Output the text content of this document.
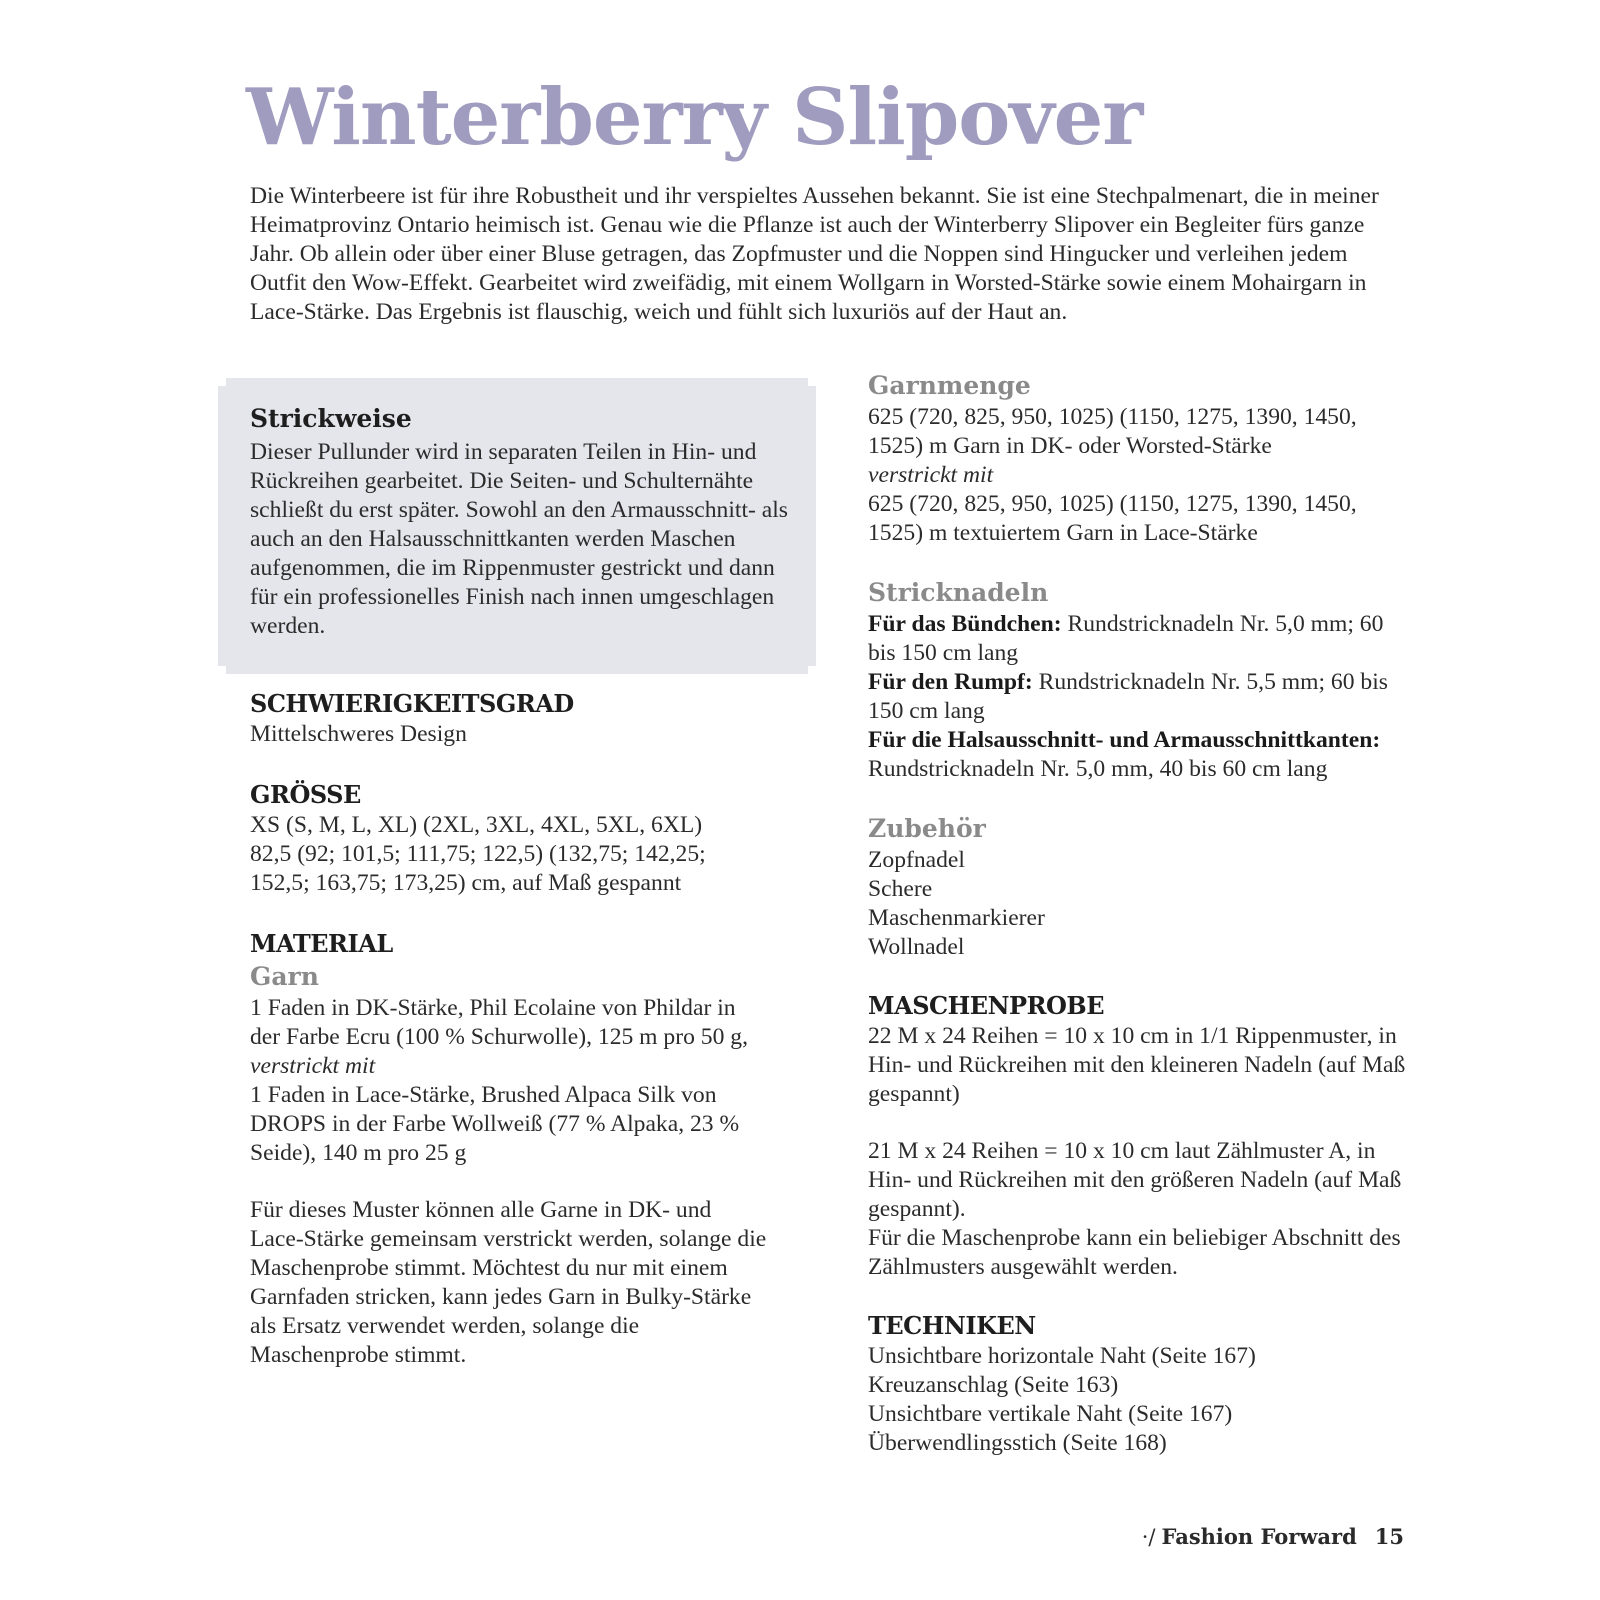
Winterberry Slipover

Die Winterbeere ist für ihre Robustheit und ihr verspieltes Aussehen bekannt. Sie ist eine Stechpalmenart, die in meiner Heimatprovinz Ontario heimisch ist. Genau wie die Pflanze ist auch der Winterberry Slipover ein Begleiter fürs ganze Jahr. Ob allein oder über einer Bluse getragen, das Zopfmuster und die Noppen sind Hingucker und verleihen jedem Outfit den Wow-Effekt. Gearbeitet wird zweifädig, mit einem Wollgarn in Worsted-Stärke sowie einem Mohairgarn in Lace-Stärke. Das Ergebnis ist flauschig, weich und fühlt sich luxuriös auf der Haut an.

Strickweise

Dieser Pullunder wird in separaten Teilen in Hin- und Rückreihen gearbeitet. Die Seiten- und Schulternähte schließt du erst später. Sowohl an den Armausschnitt- als auch an den Halsausschnittkanten werden Maschen aufgenommen, die im Rippenmuster gestrickt und dann für ein professionelles Finish nach innen umgeschlagen werden.

SCHWIERIGKEITSGRAD

Mittelschweres Design

GRÖSSE

XS (S, M, L, XL) (2XL, 3XL, 4XL, 5XL, 6XL)

82,5 (92; 101,5; 111,75; 122,5) (132,75; 142,25; 152,5; 163,75; 173,25) cm, auf Maß gespannt

MATERIAL
Garn

1 Faden in DK-Stärke, Phil Ecolaine von Phildar in der Farbe Ecru (100 % Schurwolle), 125 m pro 50 g,

verstrickt mit

1 Faden in Lace-Stärke, Brushed Alpaca Silk von DROPS in der Farbe Wollweiß (77 % Alpaka, 23 % Seide), 140 m pro 25 g

Für dieses Muster können alle Garne in DK- und Lace-Stärke gemeinsam verstrickt werden, solange die Maschenprobe stimmt. Möchtest du nur mit einem Garnfaden stricken, kann jedes Garn in Bulky-Stärke als Ersatz verwendet werden, solange die Maschenprobe stimmt.

Garnmenge

625 (720, 825, 950, 1025) (1150, 1275, 1390, 1450, 1525) m Garn in DK- oder Worsted-Stärke

verstrickt mit

625 (720, 825, 950, 1025) (1150, 1275, 1390, 1450, 1525) m textuiertem Garn in Lace-Stärke

Stricknadeln

Für das Bündchen: Rundstricknadeln Nr. 5,0 mm; 60 bis 150 cm lang

Für den Rumpf: Rundstricknadeln Nr. 5,5 mm; 60 bis 150 cm lang

Für die Halsausschnitt- und Armausschnittkanten: Rundstricknadeln Nr. 5,0 mm, 40 bis 60 cm lang

Zubehör

Zopfnadel

Schere

Maschenmarkierer

Wollnadel

MASCHENPROBE

22 M x 24 Reihen = 10 x 10 cm in 1/1 Rippenmuster, in Hin- und Rückreihen mit den kleineren Nadeln (auf Maß gespannt)

21 M x 24 Reihen = 10 x 10 cm laut Zählmuster A, in Hin- und Rückreihen mit den größeren Nadeln (auf Maß gespannt).

Für die Maschenprobe kann ein beliebiger Abschnitt des Zählmusters ausgewählt werden.

TECHNIKEN

Unsichtbare horizontale Naht (Seite 167)

Kreuzanschlag (Seite 163)

Unsichtbare vertikale Naht (Seite 167)

Überwendlingsstich (Seite 168)

·/ Fashion Forward 15
